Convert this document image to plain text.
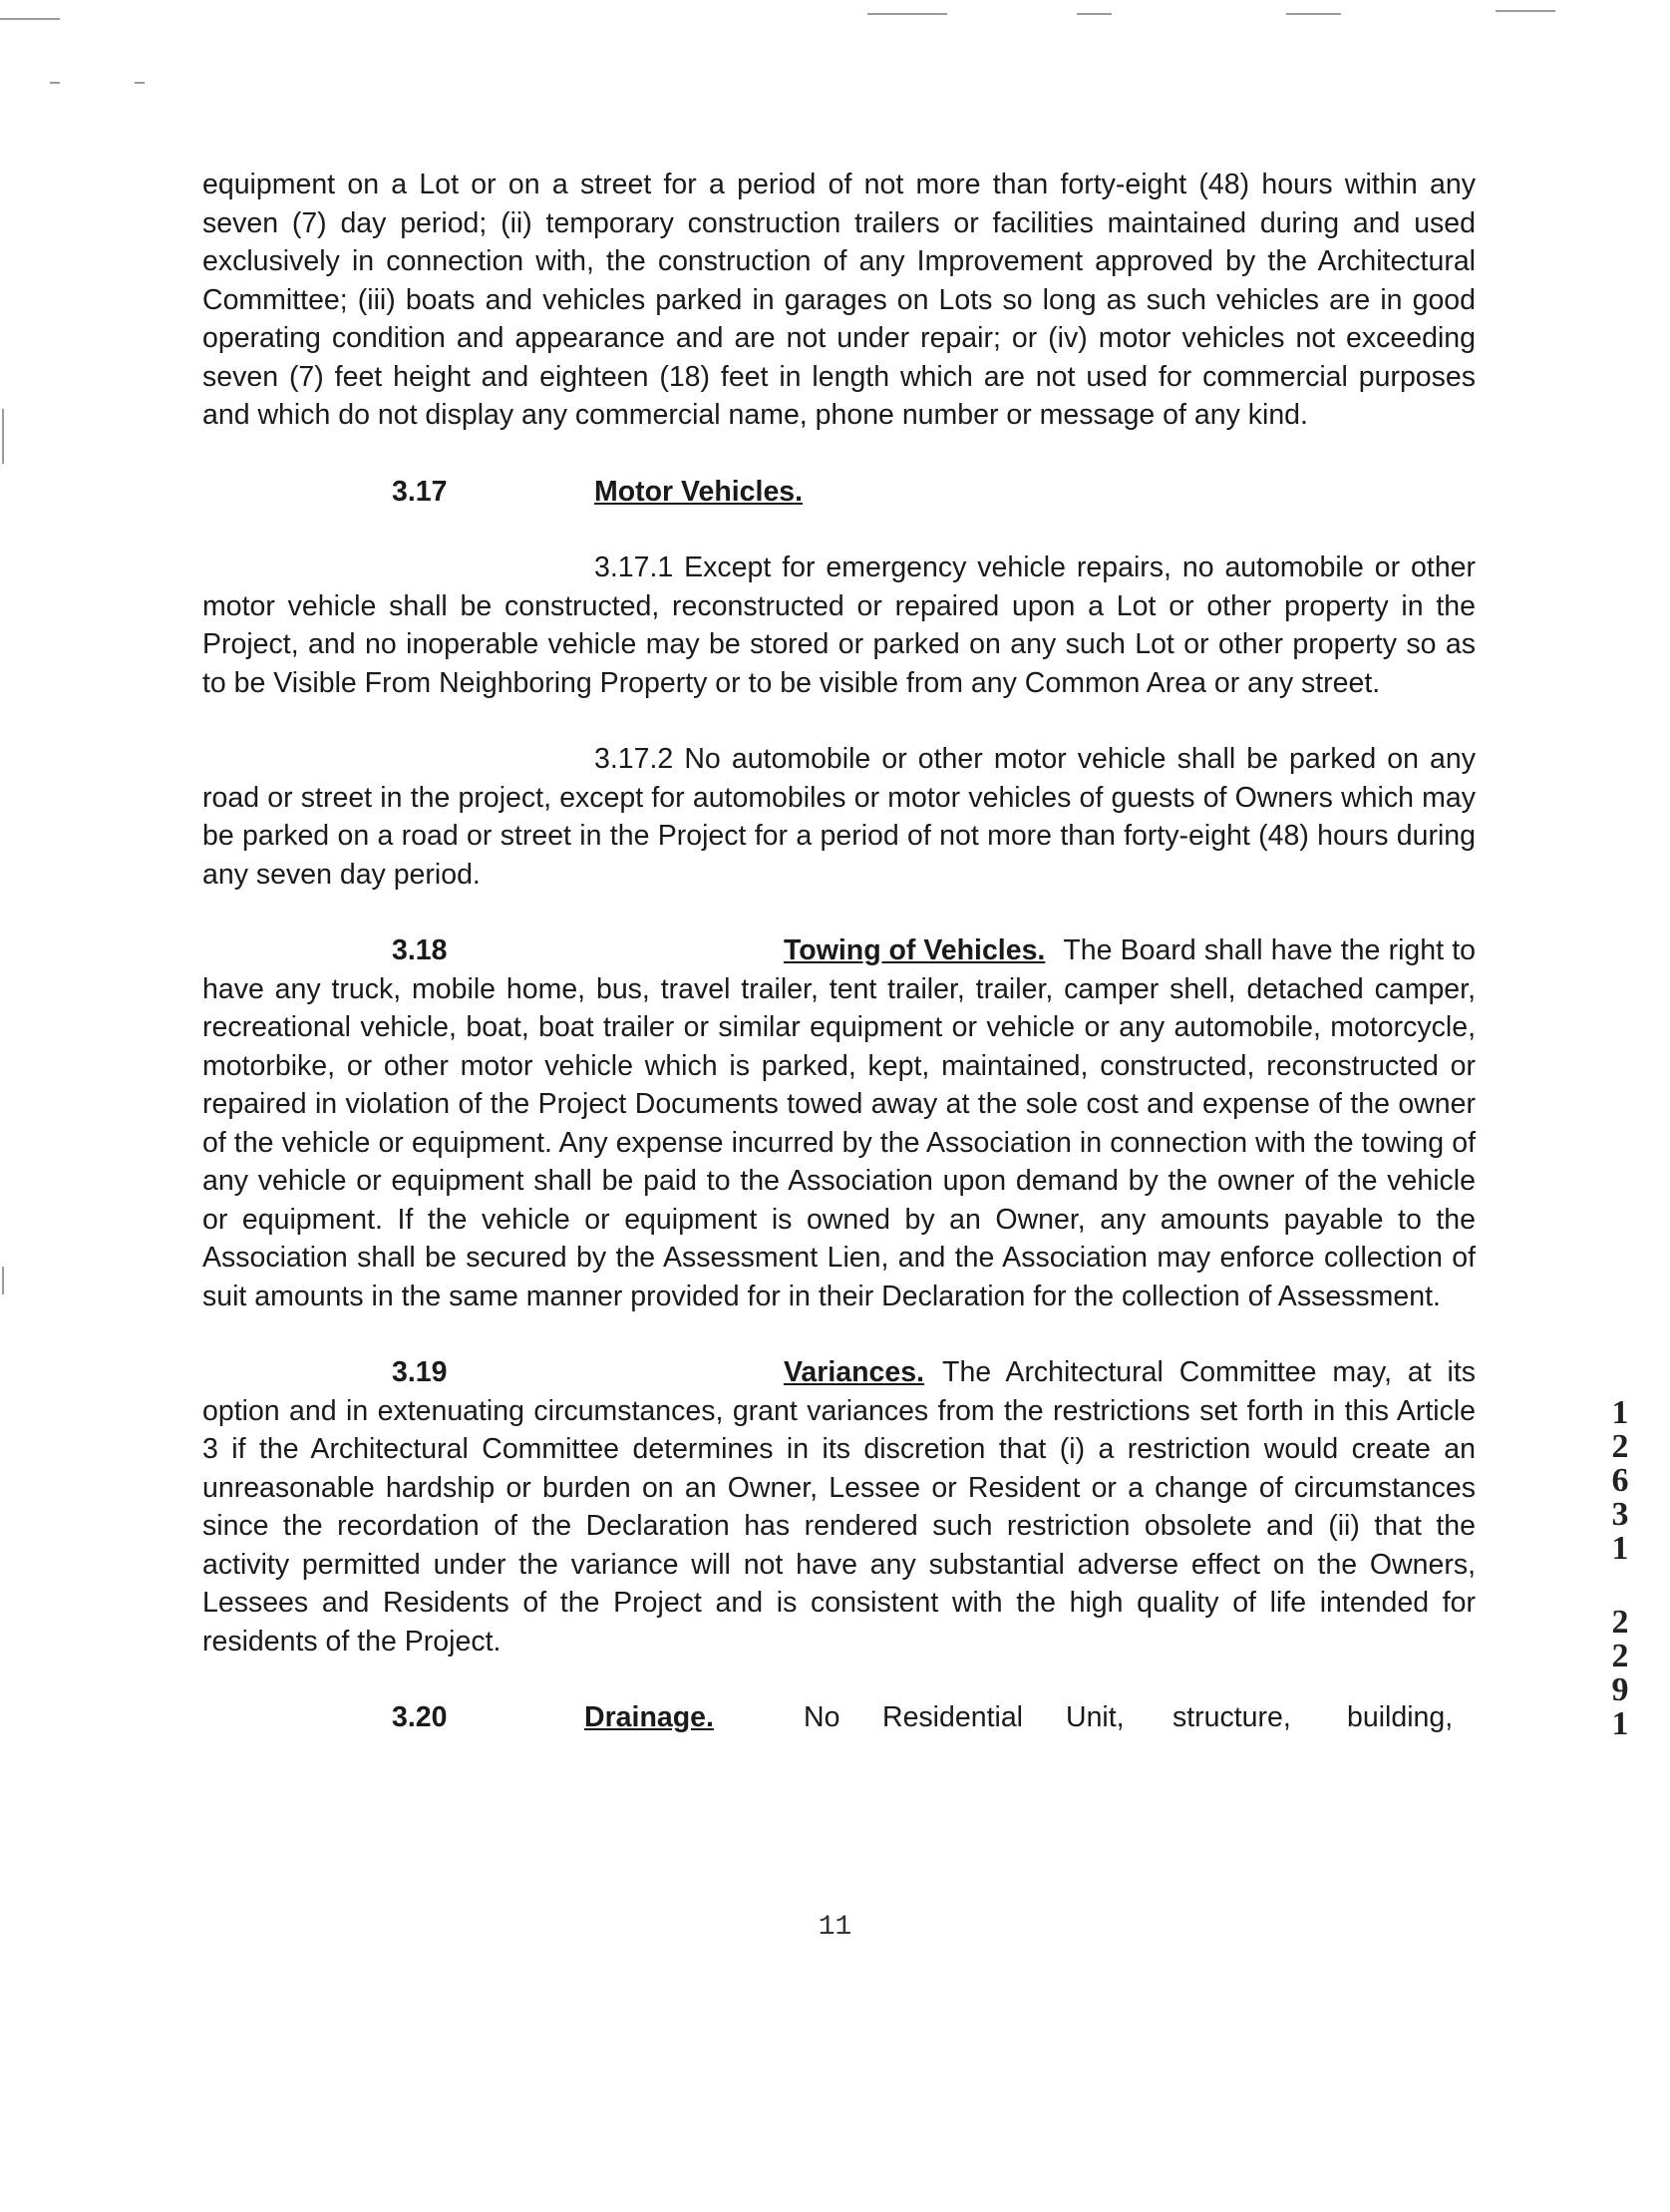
equipment on a Lot or on a street for a period of not more than forty-eight (48) hours within any seven (7) day period; (ii) temporary construction trailers or facilities maintained during and used exclusively in connection with, the construction of any Improvement approved by the Architectural Committee; (iii) boats and vehicles parked in garages on Lots so long as such vehicles are in good operating condition and appearance and are not under repair; or (iv) motor vehicles not exceeding seven (7) feet height and eighteen (18) feet in length which are not used for commercial purposes and which do not display any commercial name, phone number or message of any kind.

3.17	Motor Vehicles.

3.17.1 Except for emergency vehicle repairs, no automobile or other motor vehicle shall be constructed, reconstructed or repaired upon a Lot or other property in the Project, and no inoperable vehicle may be stored or parked on any such Lot or other property so as to be Visible From Neighboring Property or to be visible from any Common Area or any street.

3.17.2 No automobile or other motor vehicle shall be parked on any road or street in the project, except for automobiles or motor vehicles of guests of Owners which may be parked on a road or street in the Project for a period of not more than forty-eight (48) hours during any seven day period.

3.18	Towing of Vehicles. The Board shall have the right to have any truck, mobile home, bus, travel trailer, tent trailer, trailer, camper shell, detached camper, recreational vehicle, boat, boat trailer or similar equipment or vehicle or any automobile, motorcycle, motorbike, or other motor vehicle which is parked, kept, maintained, constructed, reconstructed or repaired in violation of the Project Documents towed away at the sole cost and expense of the owner of the vehicle or equipment. Any expense incurred by the Association in connection with the towing of any vehicle or equipment shall be paid to the Association upon demand by the owner of the vehicle or equipment. If the vehicle or equipment is owned by an Owner, any amounts payable to the Association shall be secured by the Assessment Lien, and the Association may enforce collection of suit amounts in the same manner provided for in their Declaration for the collection of Assessment.

3.19	Variances. The Architectural Committee may, at its option and in extenuating circumstances, grant variances from the restrictions set forth in this Article 3 if the Architectural Committee determines in its discretion that (i) a restriction would create an unreasonable hardship or burden on an Owner, Lessee or Resident or a change of circumstances since the recordation of the Declaration has rendered such restriction obsolete and (ii) that the activity permitted under the variance will not have any substantial adverse effect on the Owners, Lessees and Residents of the Project and is consistent with the high quality of life intended for residents of the Project.

3.20	Drainage.	No Residential Unit, structure, building,
11
1
2
6
3
1
2
2
9
1
